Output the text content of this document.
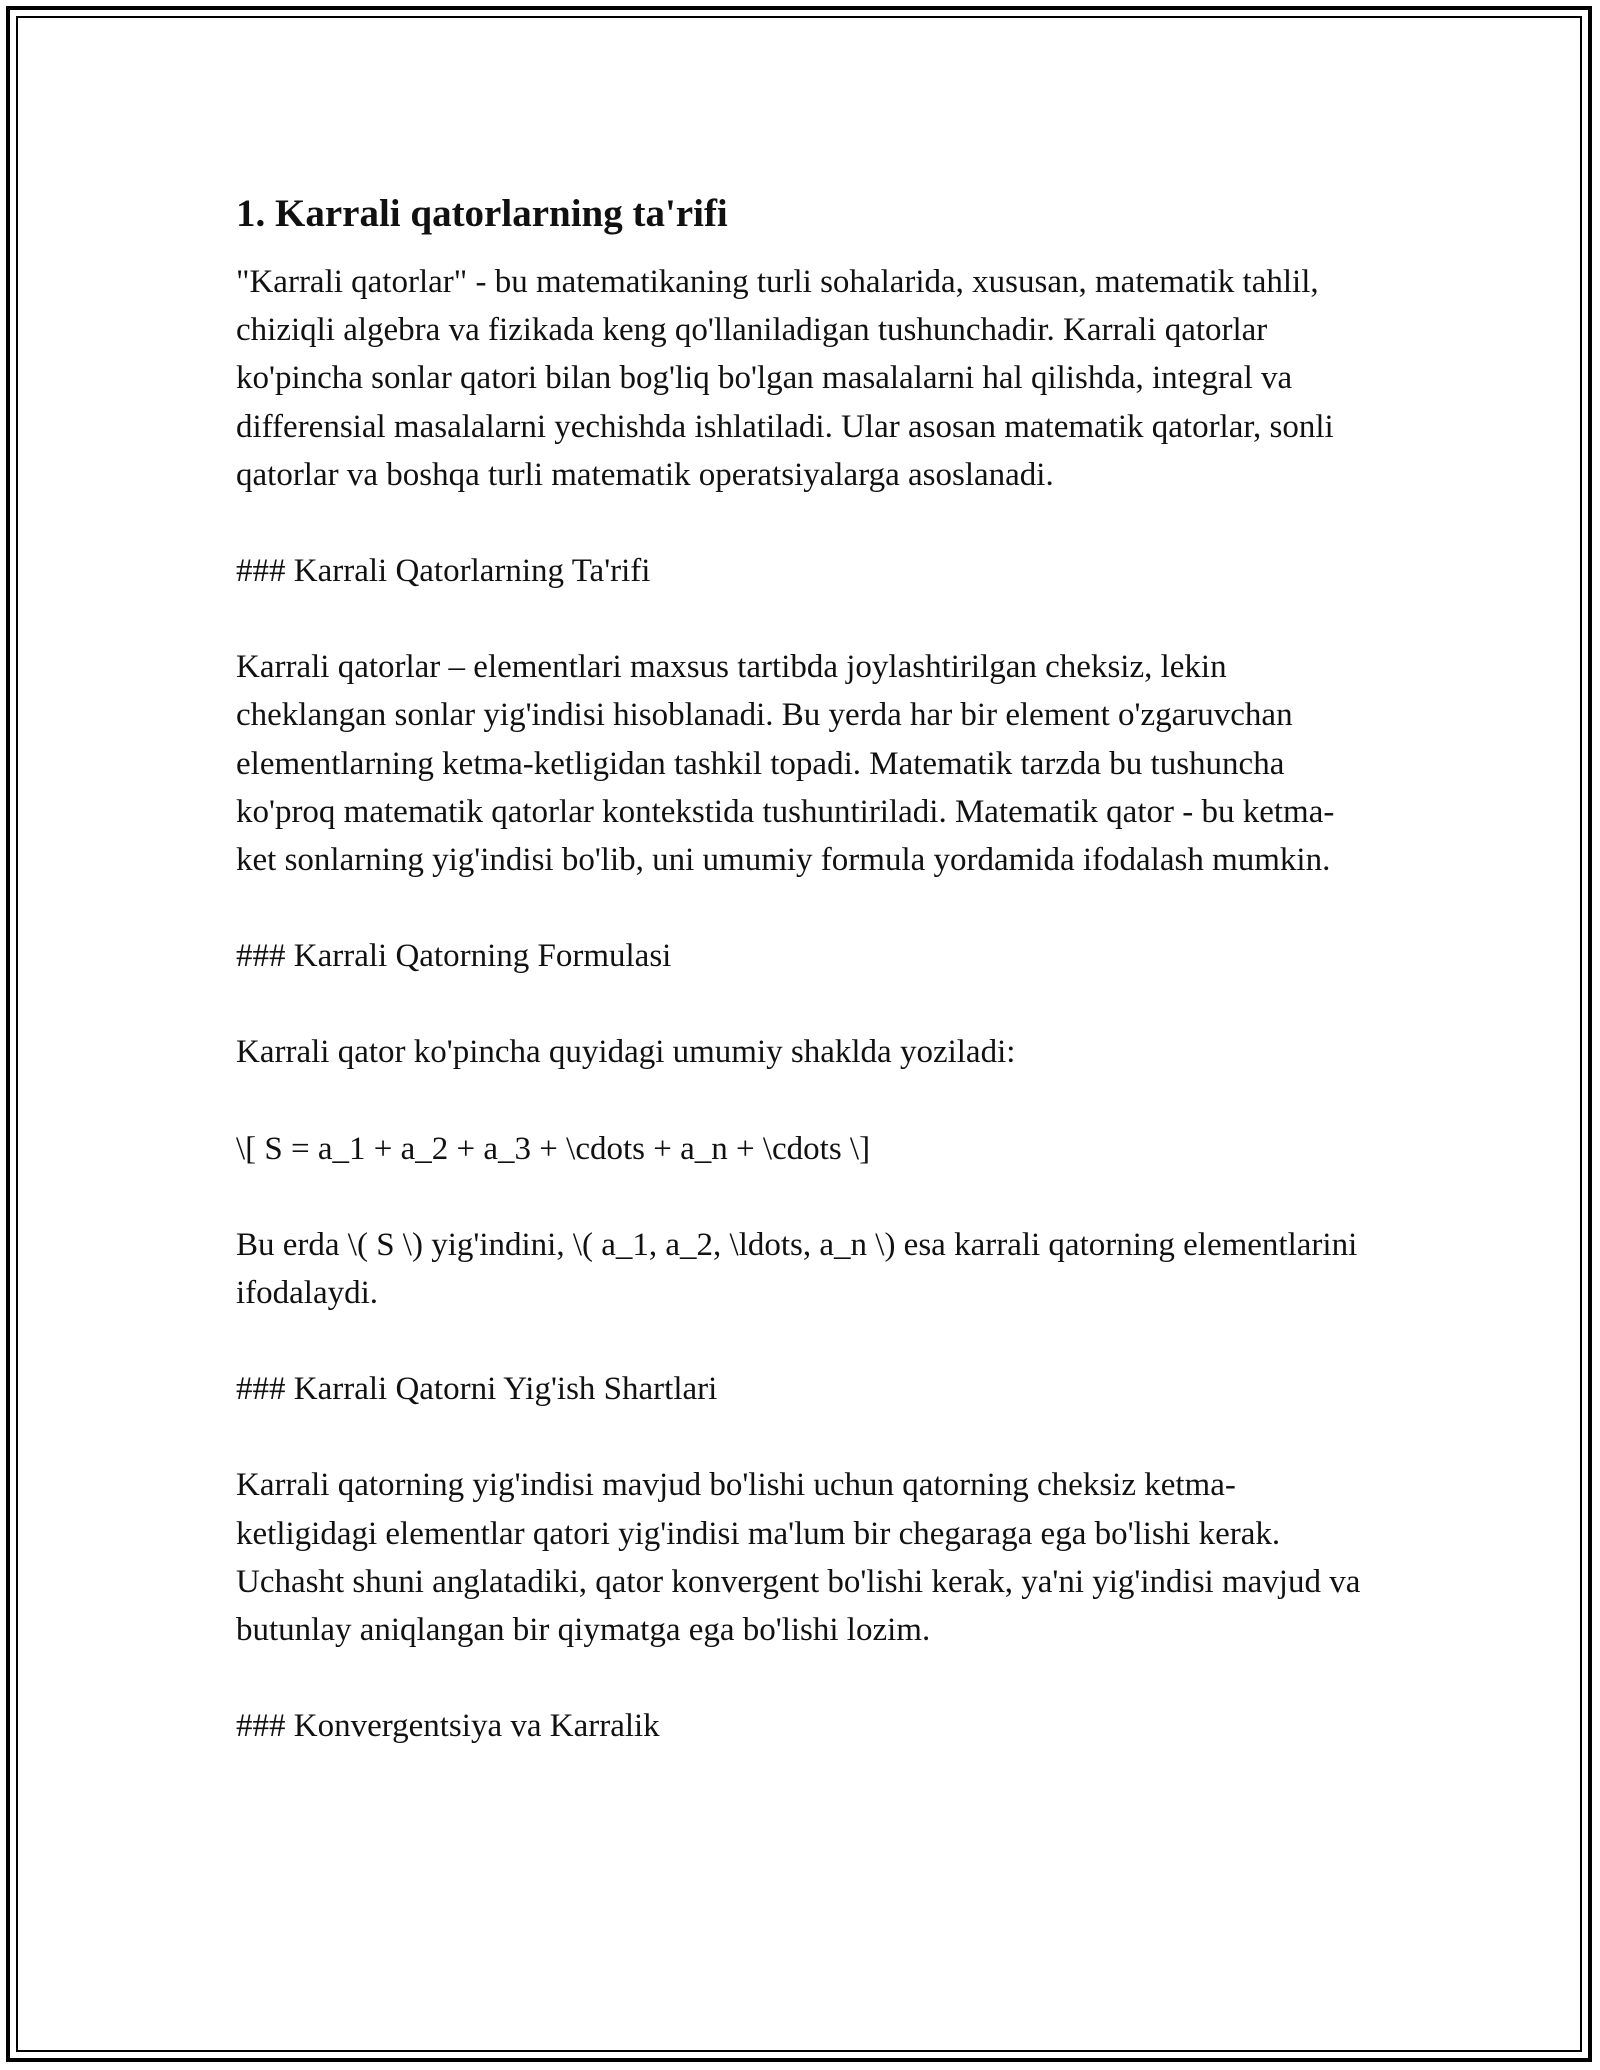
1. Karrali qatorlarning ta'rifi

"Karrali qatorlar" - bu matematikaning turli sohalarida, xususan, matematik tahlil, chiziqli algebra va fizikada keng qo'llaniladigan tushunchadir. Karrali qatorlar ko'pincha sonlar qatori bilan bog'liq bo'lgan masalalarni hal qilishda, integral va differensial masalalarni yechishda ishlatiladi. Ular asosan matematik qatorlar, sonli qatorlar va boshqa turli matematik operatsiyalarga asoslanadi.

### Karrali Qatorlarning Ta'rifi

Karrali qatorlar – elementlari maxsus tartibda joylashtirilgan cheksiz, lekin cheklangan sonlar yig'indisi hisoblanadi. Bu yerda har bir element o'zgaruvchan elementlarning ketma-ketligidan tashkil topadi. Matematik tarzda bu tushuncha ko'proq matematik qatorlar kontekstida tushuntiriladi. Matematik qator - bu ketma-ket sonlarning yig'indisi bo'lib, uni umumiy formula yordamida ifodalash mumkin.

### Karrali Qatorning Formulasi

Karrali qator ko'pincha quyidagi umumiy shaklda yoziladi:

\[ S = a_1 + a_2 + a_3 + \cdots + a_n + \cdots \]

Bu erda \( S \) yig'indini, \( a_1, a_2, \ldots, a_n \) esa karrali qatorning elementlarini ifodalaydi.

### Karrali Qatorni Yig'ish Shartlari

Karrali qatorning yig'indisi mavjud bo'lishi uchun qatorning cheksiz ketma-ketligidagi elementlar qatori yig'indisi ma'lum bir chegaraga ega bo'lishi kerak. Uchasht shuni anglatadiki, qator konvergent bo'lishi kerak, ya'ni yig'indisi mavjud va butunlay aniqlangan bir qiymatga ega bo'lishi lozim.

### Konvergentsiya va Karralik
